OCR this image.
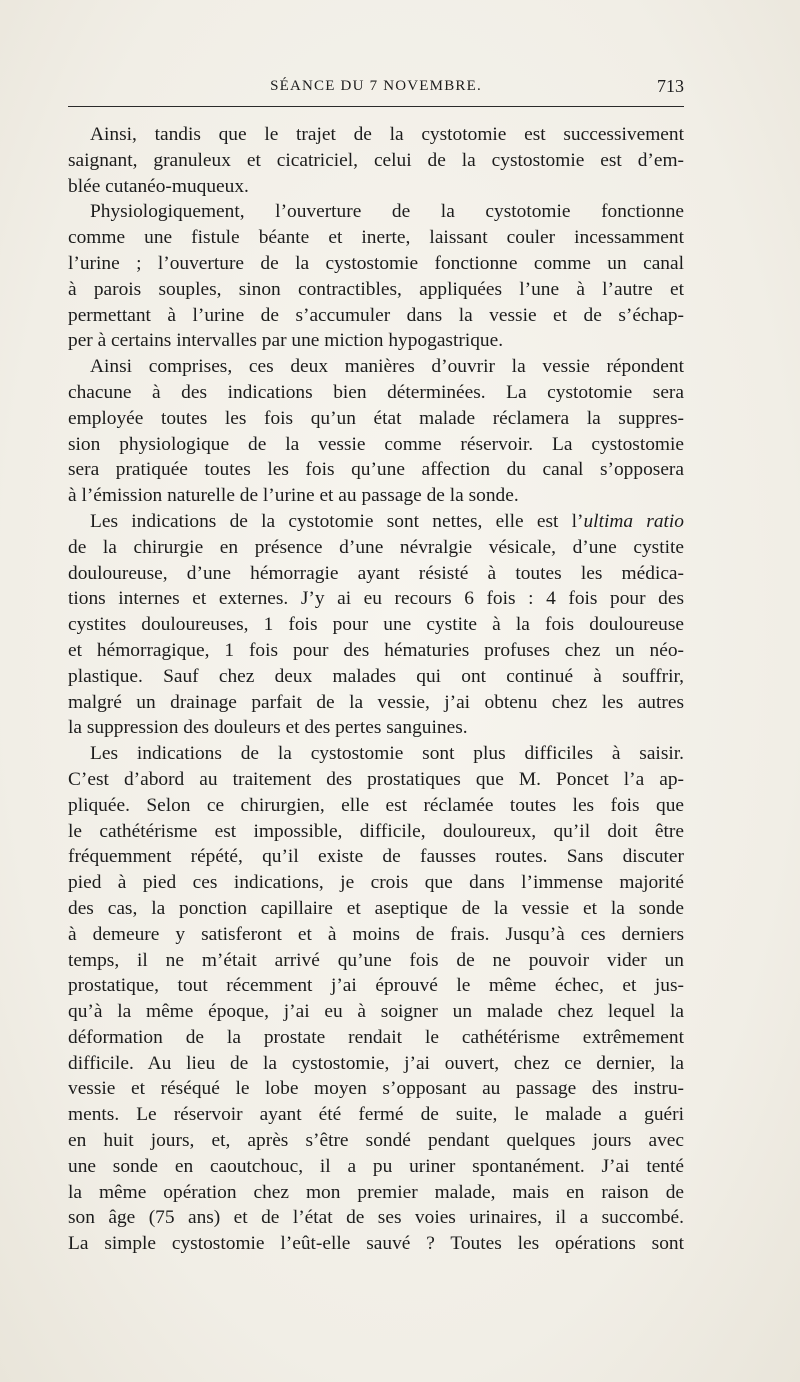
SÉANCE DU 7 NOVEMBRE.	713

Ainsi, tandis que le trajet de la cystotomie est successivement
saignant, granuleux et cicatriciel, celui de la cystostomie est d’em-
blée cutanéo-muqueux.

Physiologiquement, l’ouverture de la cystotomie fonctionne
comme une fistule béante et inerte, laissant couler incessamment
l’urine ; l’ouverture de la cystostomie fonctionne comme un canal
à parois souples, sinon contractibles, appliquées l’une à l’autre et
permettant à l’urine de s’accumuler dans la vessie et de s’échap-
per à certains intervalles par une miction hypogastrique.

Ainsi comprises, ces deux manières d’ouvrir la vessie répondent
chacune à des indications bien déterminées. La cystotomie sera
employée toutes les fois qu’un état malade réclamera la suppres-
sion physiologique de la vessie comme réservoir. La cystostomie
sera pratiquée toutes les fois qu’une affection du canal s’opposera
à l’émission naturelle de l’urine et au passage de la sonde.

Les indications de la cystotomie sont nettes, elle est l’ultima ratio
de la chirurgie en présence d’une névralgie vésicale, d’une cystite
douloureuse, d’une hémorragie ayant résisté à toutes les médica-
tions internes et externes. J’y ai eu recours 6 fois : 4 fois pour des
cystites douloureuses, 1 fois pour une cystite à la fois douloureuse
et hémorragique, 1 fois pour des hématuries profuses chez un néo-
plastique. Sauf chez deux malades qui ont continué à souffrir,
malgré un drainage parfait de la vessie, j’ai obtenu chez les autres
la suppression des douleurs et des pertes sanguines.

Les indications de la cystostomie sont plus difficiles à saisir.
C’est d’abord au traitement des prostatiques que M. Poncet l’a ap-
pliquée. Selon ce chirurgien, elle est réclamée toutes les fois que
le cathétérisme est impossible, difficile, douloureux, qu’il doit être
fréquemment répété, qu’il existe de fausses routes. Sans discuter
pied à pied ces indications, je crois que dans l’immense majorité
des cas, la ponction capillaire et aseptique de la vessie et la sonde
à demeure y satisferont et à moins de frais. Jusqu’à ces derniers
temps, il ne m’était arrivé qu’une fois de ne pouvoir vider un
prostatique, tout récemment j’ai éprouvé le même échec, et jus-
qu’à la même époque, j’ai eu à soigner un malade chez lequel la
déformation de la prostate rendait le cathétérisme extrêmement
difficile. Au lieu de la cystostomie, j’ai ouvert, chez ce dernier, la
vessie et réséqué le lobe moyen s’opposant au passage des instru-
ments. Le réservoir ayant été fermé de suite, le malade a guéri
en huit jours, et, après s’être sondé pendant quelques jours avec
une sonde en caoutchouc, il a pu uriner spontanément. J’ai tenté
la même opération chez mon premier malade, mais en raison de
son âge (75 ans) et de l’état de ses voies urinaires, il a succombé.
La simple cystostomie l’eût-elle sauvé ? Toutes les opérations sont
